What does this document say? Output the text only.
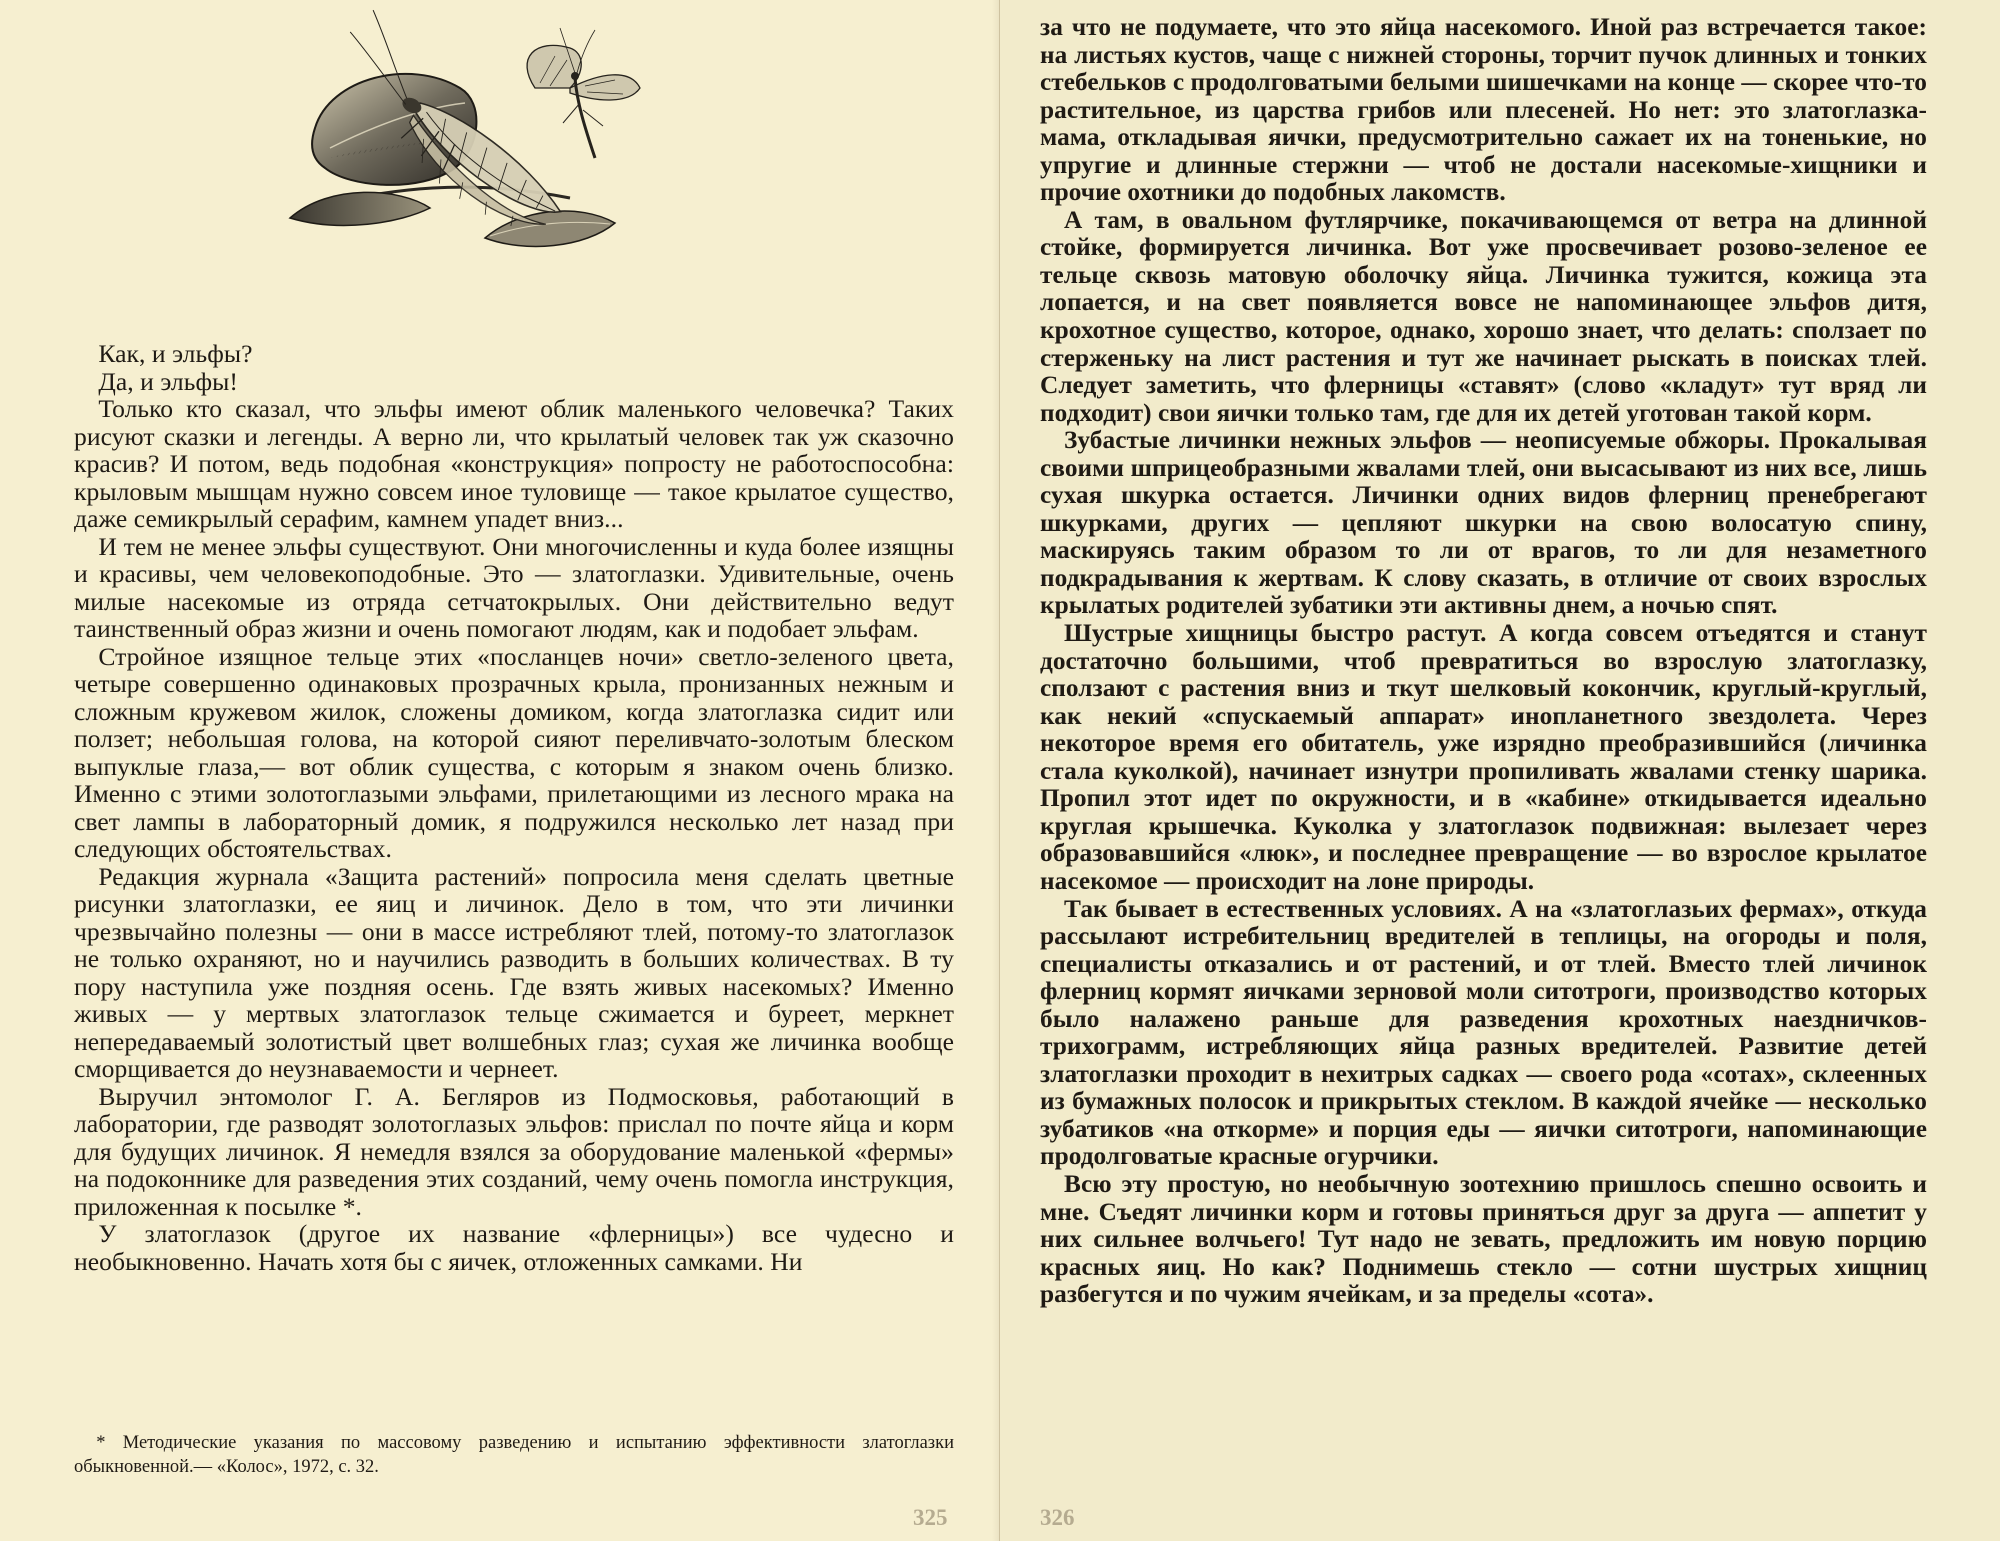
Как, и эльфы?

Да, и эльфы!

Только кто сказал, что эльфы имеют облик маленького человечка? Таких рисуют сказки и легенды. А верно ли, что крылатый человек так уж сказочно красив? И потом, ведь подобная «конструкция» попросту не работоспособна: крыловым мышцам нужно совсем иное туловище — такое крылатое существо, даже семикрылый серафим, камнем упадет вниз...

И тем не менее эльфы существуют. Они многочисленны и куда более изящны и красивы, чем человекоподобные. Это — златоглазки. Удивительные, очень милые насекомые из отряда сетчатокрылых. Они действительно ведут таинственный образ жизни и очень помогают людям, как и подобает эльфам.

Стройное изящное тельце этих «посланцев ночи» светло-зеленого цвета, четыре совершенно одинаковых прозрачных крыла, пронизанных нежным и сложным кружевом жилок, сложены домиком, когда златоглазка сидит или ползет; небольшая голова, на которой сияют переливчато-золотым блеском выпуклые глаза,— вот облик существа, с которым я знаком очень близко. Именно с этими золотоглазыми эльфами, прилетающими из лесного мрака на свет лампы в лабораторный домик, я подружился несколько лет назад при следующих обстоятельствах.

Редакция журнала «Защита растений» попросила меня сделать цветные рисунки златоглазки, ее яиц и личинок. Дело в том, что эти личинки чрезвычайно полезны — они в массе истребляют тлей, потому-то златоглазок не только охраняют, но и научились разводить в больших количествах. В ту пору наступила уже поздняя осень. Где взять живых насекомых? Именно живых — у мертвых златоглазок тельце сжимается и буреет, меркнет непередаваемый золотистый цвет волшебных глаз; сухая же личинка вообще сморщивается до неузнаваемости и чернеет.

Выручил энтомолог Г. А. Бегляров из Подмосковья, работающий в лаборатории, где разводят золотоглазых эльфов: прислал по почте яйца и корм для будущих личинок. Я немедля взялся за оборудование маленькой «фермы» на подоконнике для разведения этих созданий, чему очень помогла инструкция, приложенная к посылке *.

У златоглазок (другое их название «флерницы») все чудесно и необыкновенно. Начать хотя бы с яичек, отложенных самками. Ни

* Методические указания по массовому разведению и испытанию эффективности златоглазки обыкновенной.— «Колос», 1972, с. 32.

325

за что не подумаете, что это яйца насекомого. Иной раз встречается такое: на листьях кустов, чаще с нижней стороны, торчит пучок длинных и тонких стебельков с продолговатыми белыми шишечками на конце — скорее что-то растительное, из царства грибов или плесеней. Но нет: это златоглазка-мама, откладывая яички, предусмотрительно сажает их на тоненькие, но упругие и длинные стержни — чтоб не достали насекомые-хищники и прочие охотники до подобных лакомств.

А там, в овальном футлярчике, покачивающемся от ветра на длинной стойке, формируется личинка. Вот уже просвечивает розово-зеленое ее тельце сквозь матовую оболочку яйца. Личинка тужится, кожица эта лопается, и на свет появляется вовсе не напоминающее эльфов дитя, крохотное существо, которое, однако, хорошо знает, что делать: сползает по стерженьку на лист растения и тут же начинает рыскать в поисках тлей. Следует заметить, что флерницы «ставят» (слово «кладут» тут вряд ли подходит) свои яички только там, где для их детей уготован такой корм.

Зубастые личинки нежных эльфов — неописуемые обжоры. Прокалывая своими шприцеобразными жвалами тлей, они высасывают из них все, лишь сухая шкурка остается. Личинки одних видов флерниц пренебрегают шкурками, других — цепляют шкурки на свою волосатую спину, маскируясь таким образом то ли от врагов, то ли для незаметного подкрадывания к жертвам. К слову сказать, в отличие от своих взрослых крылатых родителей зубатики эти активны днем, а ночью спят.

Шустрые хищницы быстро растут. А когда совсем отъедятся и станут достаточно большими, чтоб превратиться во взрослую златоглазку, сползают с растения вниз и ткут шелковый кокончик, круглый-круглый, как некий «спускаемый аппарат» инопланетного звездолета. Через некоторое время его обитатель, уже изрядно преобразившийся (личинка стала куколкой), начинает изнутри пропиливать жвалами стенку шарика. Пропил этот идет по окружности, и в «кабине» откидывается идеально круглая крышечка. Куколка у златоглазок подвижная: вылезает через образовавшийся «люк», и последнее превращение — во взрослое крылатое насекомое — происходит на лоне природы.

Так бывает в естественных условиях. А на «златоглазьих фермах», откуда рассылают истребительниц вредителей в теплицы, на огороды и поля, специалисты отказались и от растений, и от тлей. Вместо тлей личинок флерниц кормят яичками зерновой моли ситотроги, производство которых было налажено раньше для разведения крохотных наездничков-трихограмм, истребляющих яйца разных вредителей. Развитие детей златоглазки проходит в нехитрых садках — своего рода «сотах», склеенных из бумажных полосок и прикрытых стеклом. В каждой ячейке — несколько зубатиков «на откорме» и порция еды — яички ситотроги, напоминающие продолговатые красные огурчики.

Всю эту простую, но необычную зоотехнию пришлось спешно освоить и мне. Съедят личинки корм и готовы приняться друг за друга — аппетит у них сильнее волчьего! Тут надо не зевать, предложить им новую порцию красных яиц. Но как? Поднимешь стекло — сотни шустрых хищниц разбегутся и по чужим ячейкам, и за пределы «сота».

326
